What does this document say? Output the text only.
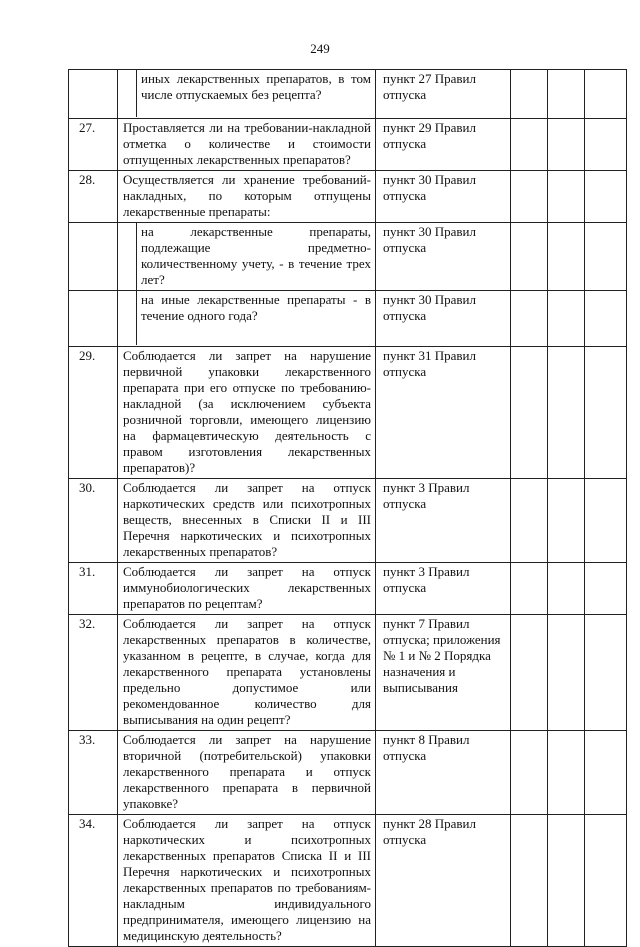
249

	иных лекарственных препаратов, в том числе отпускаемых без рецепта?	пункт 27 Правил отпуска			
27.	Проставляется ли на требовании-накладной отметка о количестве и стоимости отпущенных лекарственных препаратов?	пункт 29 Правил отпуска			
28.	Осуществляется ли хранение требований-накладных, по которым отпущены лекарственные препараты:	пункт 30 Правил отпуска			

	на лекарственные препараты, подлежащие предметно-количественному учету, - в течение трех лет?	пункт 30 Правил отпуска			

	на иные лекарственные препараты - в течение одного года?	пункт 30 Правил отпуска			
29.	Соблюдается ли запрет на нарушение первичной упаковки лекарственного препарата при его отпуске по требованию-накладной (за исключением субъекта розничной торговли, имеющего лицензию на фармацевтическую деятельность с правом изготовления лекарственных препаратов)?	пункт 31 Правил отпуска			
30.	Соблюдается ли запрет на отпуск наркотических средств или психотропных веществ, внесенных в Списки II и III Перечня наркотических и психотропных лекарственных препаратов?	пункт 3 Правил отпуска			
31.	Соблюдается ли запрет на отпуск иммунобиологических лекарственных препаратов по рецептам?	пункт 3 Правил отпуска			
32.	Соблюдается ли запрет на отпуск лекарственных препаратов в количестве, указанном в рецепте, в случае, когда для лекарственного препарата установлены предельно допустимое или рекомендованное количество для выписывания на один рецепт?	пункт 7 Правил отпуска; приложения № 1 и № 2 Порядка назначения и выписывания			
33.	Соблюдается ли запрет на нарушение вторичной (потребительской) упаковки лекарственного препарата и отпуск лекарственного препарата в первичной упаковке?	пункт 8 Правил отпуска			
34.	Соблюдается ли запрет на отпуск наркотических и психотропных лекарственных препаратов Списка II и III Перечня наркотических и психотропных лекарственных препаратов по требованиям-накладным индивидуального предпринимателя, имеющего лицензию на медицинскую деятельность?	пункт 28 Правил отпуска			
